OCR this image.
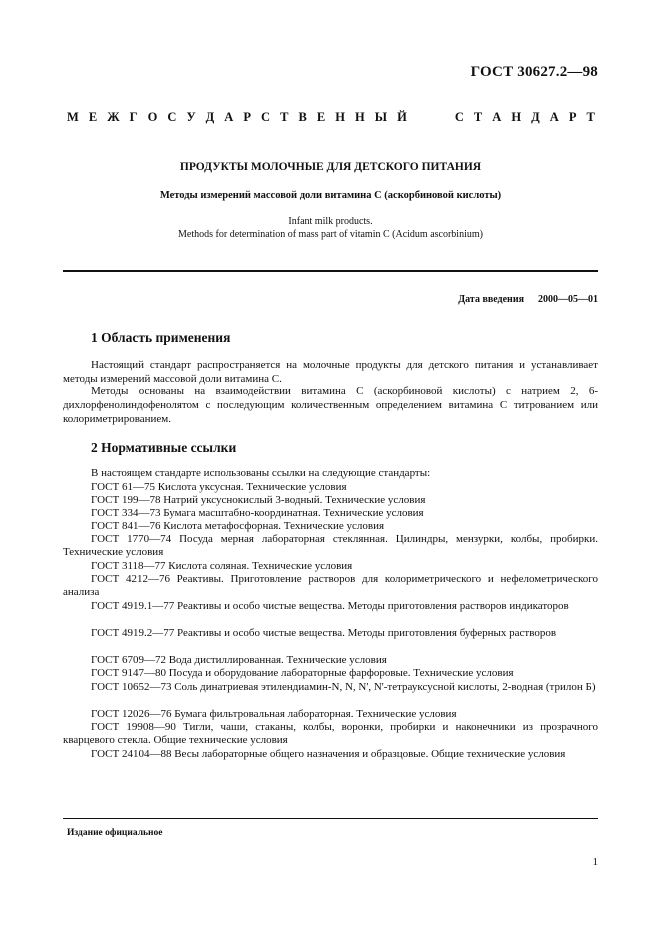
ГОСТ 30627.2—98
М Е Ж Г О С У Д А Р С Т В Е Н Н Ы Й	С Т А Н Д А Р Т
ПРОДУКТЫ МОЛОЧНЫЕ ДЛЯ ДЕТСКОГО ПИТАНИЯ
Методы измерений массовой доли витамина С (аскорбиновой кислоты)
Infant milk products.
Methods for determination of mass part of vitamin C (Acidum ascorbinium)
Дата введения 2000—05—01
1 Область применения
Настоящий стандарт распространяется на молочные продукты для детского питания и устанавливает методы измерений массовой доли витамина С.
Методы основаны на взаимодействии витамина С (аскорбиновой кислоты) с натрием 2, 6-дихлорфенолиндофенолятом с последующим количественным определением витамина С титрованием или колориметрированием.
2 Нормативные ссылки
В настоящем стандарте использованы ссылки на следующие стандарты:
ГОСТ 61—75 Кислота уксусная. Технические условия
ГОСТ 199—78 Натрий уксуснокислый 3-водный. Технические условия
ГОСТ 334—73 Бумага масштабно-координатная. Технические условия
ГОСТ 841—76 Кислота метафосфорная. Технические условия
ГОСТ 1770—74 Посуда мерная лабораторная стеклянная. Цилиндры, мензурки, колбы, пробирки. Технические условия
ГОСТ 3118—77 Кислота соляная. Технические условия
ГОСТ 4212—76 Реактивы. Приготовление растворов для колориметрического и нефелометрического анализа
ГОСТ 4919.1—77 Реактивы и особо чистые вещества. Методы приготовления растворов индикаторов
ГОСТ 4919.2—77 Реактивы и особо чистые вещества. Методы приготовления буферных растворов
ГОСТ 6709—72 Вода дистиллированная. Технические условия
ГОСТ 9147—80 Посуда и оборудование лабораторные фарфоровые. Технические условия
ГОСТ 10652—73 Соль динатриевая этилендиамин-N, N, N', N'-тетрауксусной кислоты, 2-водная (трилон Б)
ГОСТ 12026—76 Бумага фильтровальная лабораторная. Технические условия
ГОСТ 19908—90 Тигли, чаши, стаканы, колбы, воронки, пробирки и наконечники из прозрачного кварцевого стекла. Общие технические условия
ГОСТ 24104—88 Весы лабораторные общего назначения и образцовые. Общие технические условия
Издание официальное
1
